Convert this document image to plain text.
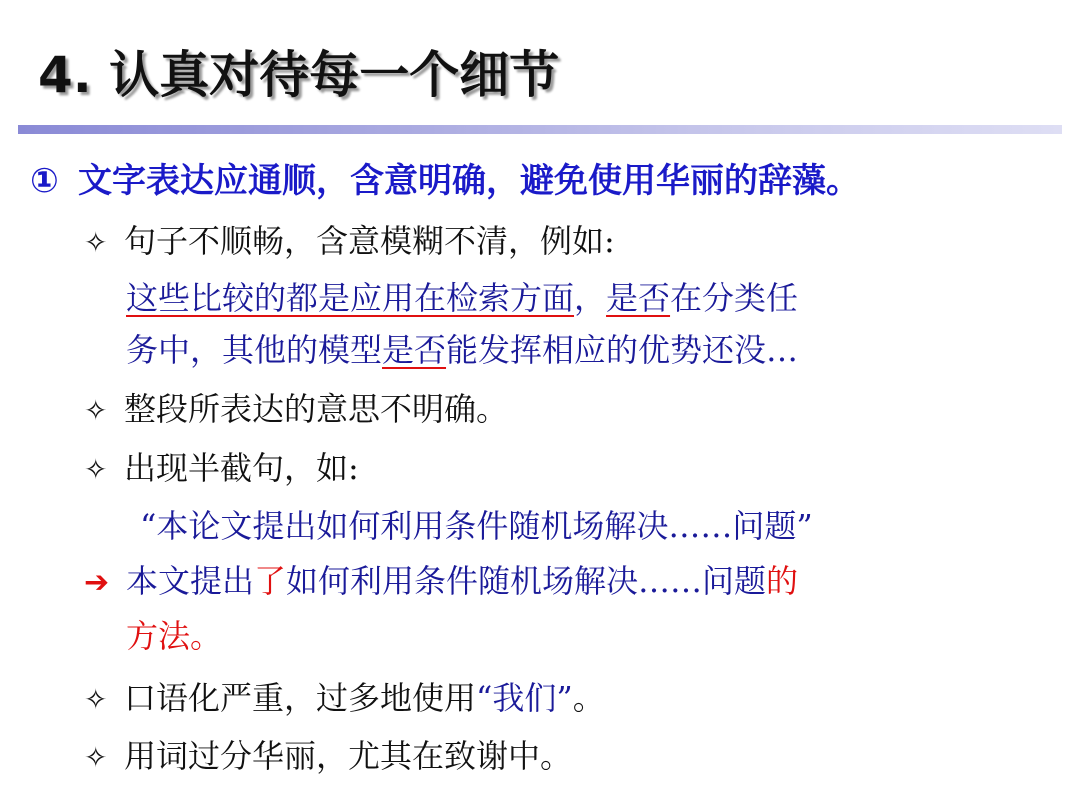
4. 认真对待每一个细节
① 文字表达应通顺，含意明确，避免使用华丽的辞藻。
✧ 句子不顺畅，含意模糊不清，例如:
这些比较的都是应用在检索方面，是否在分类任
务中，其他的模型是否能发挥相应的优势还没…
✧ 整段所表达的意思不明确。
✧ 出现半截句，如:
“本论文提出如何利用条件随机场解决……问题”
➔ 本文提出了如何利用条件随机场解决……问题的
方法。
✧ 口语化严重，过多地使用“我们”。
✧ 用词过分华丽，尤其在致谢中。
